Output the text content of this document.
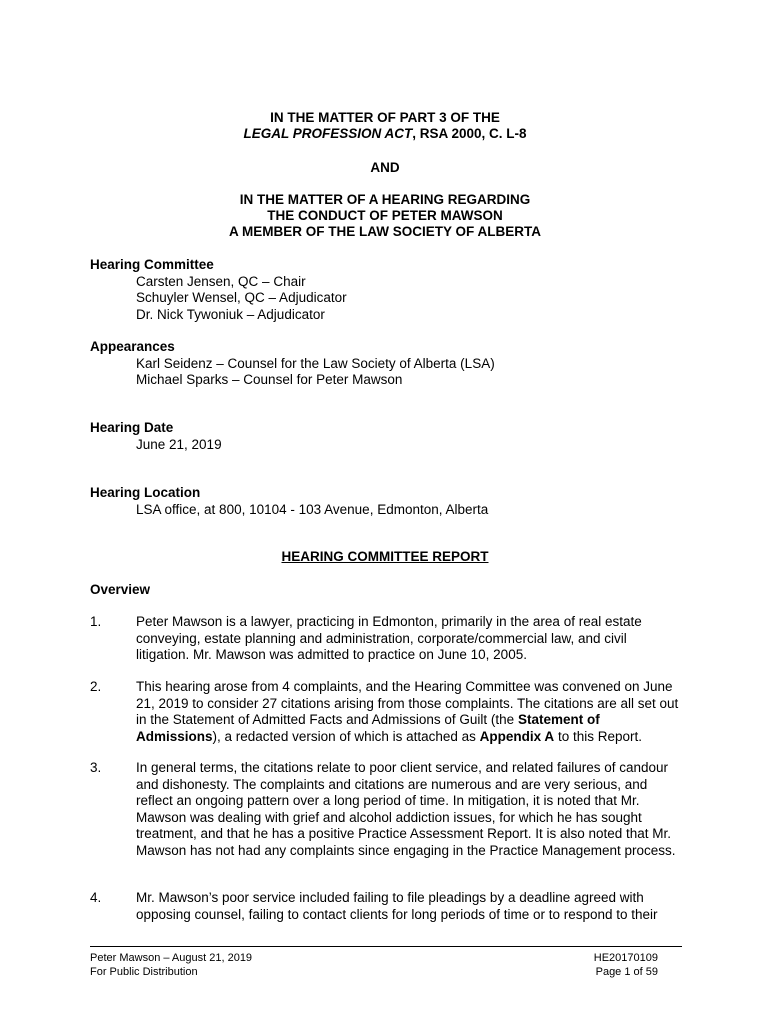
IN THE MATTER OF PART 3 OF THE
LEGAL PROFESSION ACT, RSA 2000, C. L-8
AND
IN THE MATTER OF A HEARING REGARDING
THE CONDUCT OF PETER MAWSON
A MEMBER OF THE LAW SOCIETY OF ALBERTA
Hearing Committee
Carsten Jensen, QC – Chair
Schuyler Wensel, QC – Adjudicator
Dr. Nick Tywoniuk – Adjudicator
Appearances
Karl Seidenz – Counsel for the Law Society of Alberta (LSA)
Michael Sparks – Counsel for Peter Mawson
Hearing Date
June 21, 2019
Hearing Location
LSA office, at 800, 10104 - 103 Avenue, Edmonton, Alberta
HEARING COMMITTEE REPORT
Overview
1.	Peter Mawson is a lawyer, practicing in Edmonton, primarily in the area of real estate conveying, estate planning and administration, corporate/commercial law, and civil litigation. Mr. Mawson was admitted to practice on June 10, 2005.
2.	This hearing arose from 4 complaints, and the Hearing Committee was convened on June 21, 2019 to consider 27 citations arising from those complaints. The citations are all set out in the Statement of Admitted Facts and Admissions of Guilt (the Statement of Admissions), a redacted version of which is attached as Appendix A to this Report.
3.	In general terms, the citations relate to poor client service, and related failures of candour and dishonesty. The complaints and citations are numerous and are very serious, and reflect an ongoing pattern over a long period of time. In mitigation, it is noted that Mr. Mawson was dealing with grief and alcohol addiction issues, for which he has sought treatment, and that he has a positive Practice Assessment Report. It is also noted that Mr. Mawson has not had any complaints since engaging in the Practice Management process.
4.	Mr. Mawson’s poor service included failing to file pleadings by a deadline agreed with opposing counsel, failing to contact clients for long periods of time or to respond to their
Peter Mawson – August 21, 2019
For Public Distribution
HE20170109
Page 1 of 59
